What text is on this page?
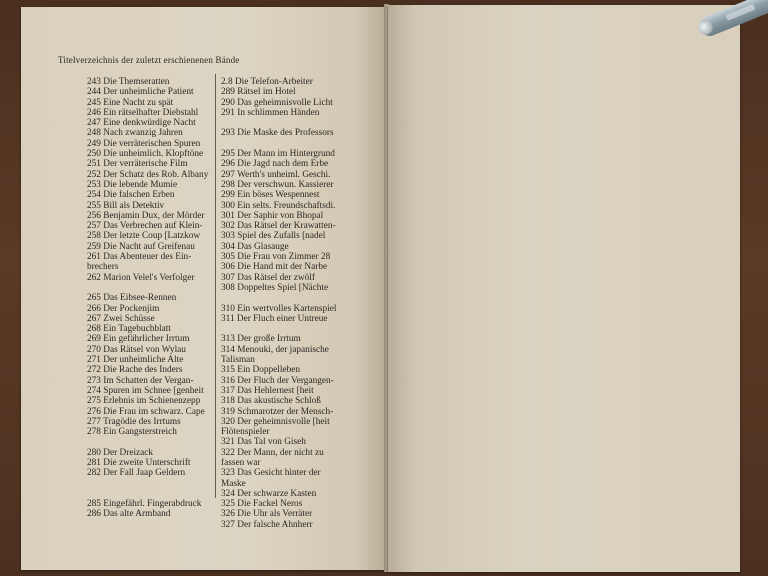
Titelverzeichnis der zuletzt erschienenen Bände
243 Die Themseratten
244 Der unheimliche Patient
245 Eine Nacht zu spät
246 Ein rätselhafter Diebstahl
247 Eine denkwürdige Nacht
248 Nach zwanzig Jahren
249 Die verräterischen Spuren
250 Die unheimlich. Klopftöne
251 Der verräterische Film
252 Der Schatz des Rob. Albany
253 Die lebende Mumie
254 Die falschen Erben
255 Bill als Detektiv
256 Benjamin Dux, der Mörder
257 Das Verbrechen auf Klein-
258 Der letzte Coup [Latzkow
259 Die Nacht auf Greifenau
261 Das Abenteuer des Ein-
brechers
262 Marion Velel's Verfolger
265 Das Eibsee-Rennen
266 Der Pockenjim
267 Zwei Schüsse
268 Ein Tagebuchblatt
269 Ein gefährlicher Irrtum
270 Das Rätsel von Wylau
271 Der unheimliche Alte
272 Die Rache des Inders
273 Im Schatten der Vergan-
274 Spuren im Schnee [genheit
275 Erlebnis im Schienenzepp
276 Die Frau im schwarz. Cape
277 Tragödie des Irrtums
278 Ein Gangsterstreich
280 Der Dreizack
281 Die zweite Unterschrift
282 Der Fall Jaap Geldern
285 Eingefährl. Fingerabdruck
286 Das alte Armband
2.8 Die Telefon-Arbeiter
289 Rätsel im Hotel
290 Das geheimnisvolle Licht
291 In schlimmen Händen
293 Die Maske des Professors
295 Der Mann im Hintergrund
296 Die Jagd nach dem Erbe
297 Werth's unheiml. Geschi.
298 Der verschwun. Kassierer
299 Ein böses Wespennest
300 Ein selts. Freundschaftsdi.
301 Der Saphir von Bhopal
302 Das Rätsel der Krawatten-
303 Spiel des Zufalls [nadel
304 Das Glasauge
305 Die Frau von Zimmer 28
306 Die Hand mit der Narbe
307 Das Rätsel der zwölf
308 Doppeltes Spiel [Nächte
310 Ein wertvolles Kartenspiel
311 Der Fluch einer Untreue
313 Der große Irrtum
314 Menouki, der japanische
Talisman
315 Ein Doppelleben
316 Der Fluch der Vergangen-
317 Das Hehlernest [heit
318 Das akustische Schloß
319 Schmarotzer der Mensch-
320 Der geheimnisvolle [heit
Flötenspieler
321 Das Tal von Giseh
322 Der Mann, der nicht zu
fassen war
323 Das Gesicht hinter der
Maske
324 Der schwarze Kasten
325 Die Fackel Neros
326 Die Uhr als Verräter
327 Der falsche Ahnherr
